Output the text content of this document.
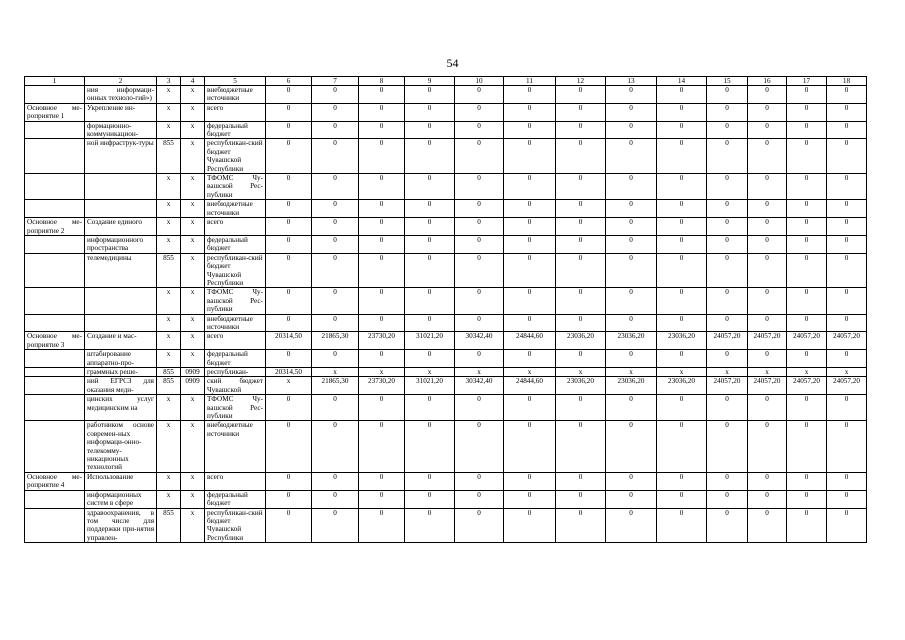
54
1	2	3	4	5	6	7	8	9	10	11	12	13	14	15	16	17	18
	ния информаци-онных техноло-гий»)	x	x	внебюджетные источники	0	0	0	0	0	0	0	0	0	0	0	0	0
Основное ме-роприятие 1	Укрепление ин-	x	x	всего	0	0	0	0	0	0	0	0	0	0	0	0	0
	формационно-коммуникацион-	x	x	федеральный бюджет	0	0	0	0	0	0	0	0	0	0	0	0	0
	ной инфраструк-туры	855	x	республикан-ский бюджет Чувашской Республики	0	0	0	0	0	0	0	0	0	0	0	0	0
		x	x	ТФОМС Чу-вашской Рес-публики	0	0	0	0	0	0	0	0	0	0	0	0	0
		x	x	внебюджетные источники	0	0	0	0	0	0	0	0	0	0	0	0	0
Основное ме-роприятие 2	Создание единого	x	x	всего	0	0	0	0	0	0	0	0	0	0	0	0	0
	информационного пространства	x	x	федеральный бюджет	0	0	0	0	0	0	0	0	0	0	0	0	0
	телемедицины	855	x	республикан-ский бюджет Чувашской Республики	0	0	0	0	0	0	0	0	0	0	0	0	0
		x	x	ТФОМС Чу-вашской Рес-публики	0	0	0	0	0	0	0	0	0	0	0	0	0
		x	x	внебюджетные источники	0	0	0	0	0	0	0	0	0	0	0	0	0
Основное ме-роприятие 3	Создание и мас-	x	x	всего	20314,50	21865,30	23730,20	31021,20	30342,40	24844,60	23036,20	23036,20	23036,20	24057,20	24057,20	24057,20	24057,20
	штабирование аппаратно-про-	x	x	федеральный бюджет	0	0	0	0	0	0	0	0	0	0	0	0	0
	граммных реше-	855	0909	республикан-	20314,50	x	x	x	x	x	x	x	x	x	x	x	x
	ний ЕГРСЗ для оказания меди-	855	0909	ский бюджет Чувашской	x	21865,30	23730,20	31021,20	30342,40	24844,60	23036,20	23036,20	23036,20	24057,20	24057,20	24057,20	24057,20
	цинских услуг медицинским на	x	x	ТФОМС Чу-вашской Рес-публики	0	0	0	0	0	0	0	0	0	0	0	0	0
	работником основе современ-ных информаци-онно-телекомму-никационных технологий	x	x	внебюджетные источники	0	0	0	0	0	0	0	0	0	0	0	0	0
Основное ме-роприятие 4	Использование	x	x	всего	0	0	0	0	0	0	0	0	0	0	0	0	0
	информационных систем в сфере	x	x	федеральный бюджет	0	0	0	0	0	0	0	0	0	0	0	0	0
	здравоохранения, в том числе для поддержки при-нятия управлен-	855	x	республикан-ский бюджет Чувашской Республики	0	0	0	0	0	0	0	0	0	0	0	0	0
